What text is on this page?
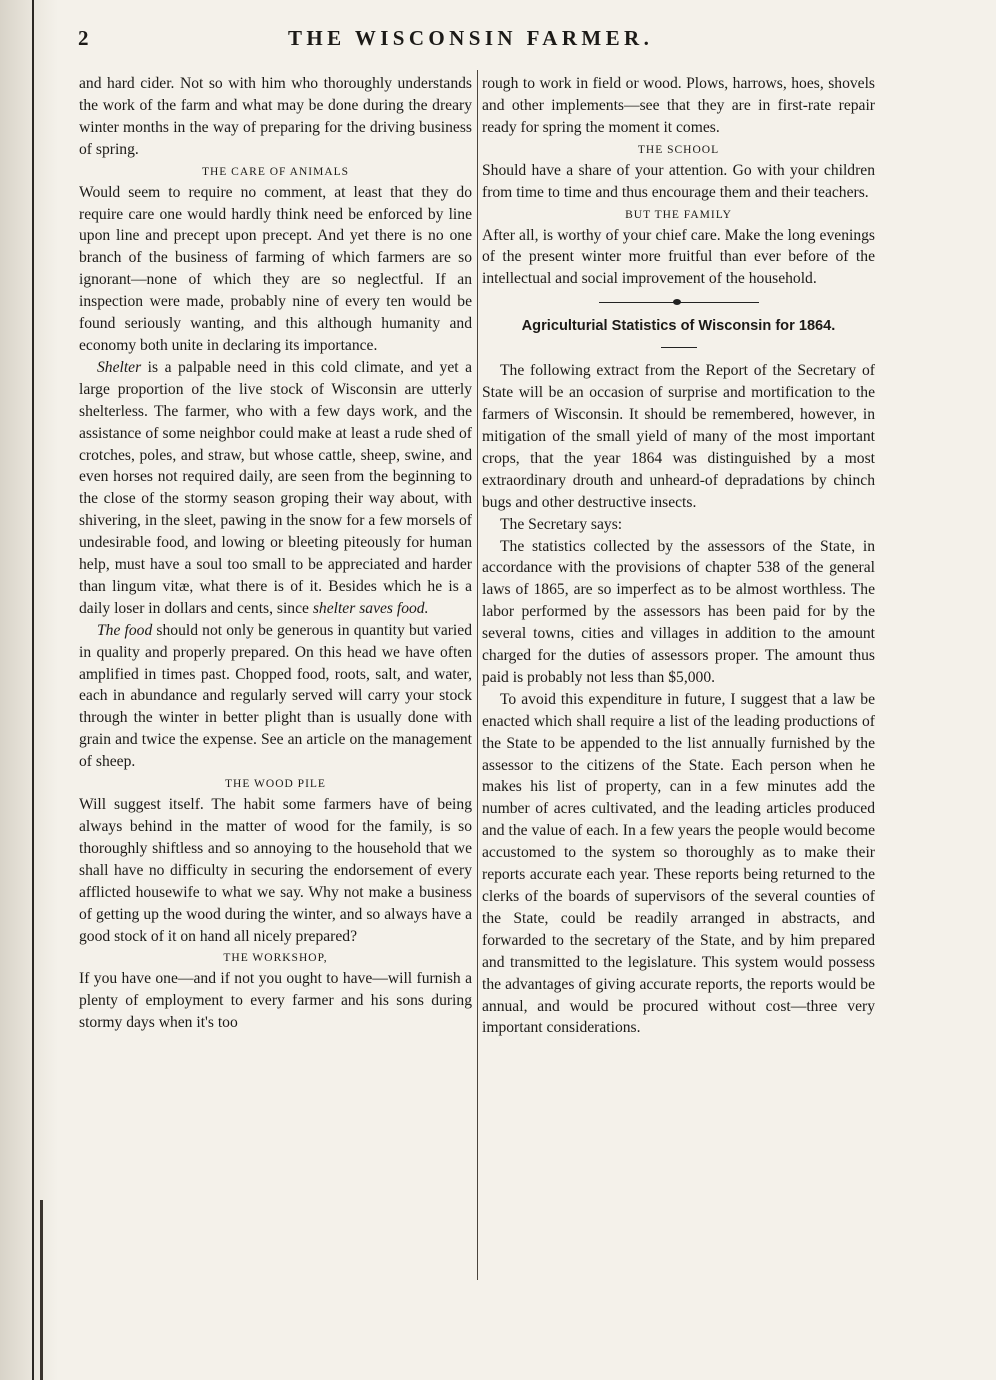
2	THE WISCONSIN FARMER.

and hard cider. Not so with him who thoroughly understands the work of the farm and what may be done during the dreary winter months in the way of preparing for the driving business of spring.

THE CARE OF ANIMALS

Would seem to require no comment, at least that they do require care one would hardly think need be enforced by line upon line and precept upon precept. And yet there is no one branch of the business of farming of which farmers are so ignorant—none of which they are so neglectful. If an inspection were made, probably nine of every ten would be found seriously wanting, and this although humanity and economy both unite in declaring its importance.

Shelter is a palpable need in this cold climate, and yet a large proportion of the live stock of Wisconsin are utterly shelterless. The farmer, who with a few days work, and the assistance of some neighbor could make at least a rude shed of crotches, poles, and straw, but whose cattle, sheep, swine, and even horses not required daily, are seen from the beginning to the close of the stormy season groping their way about, with shivering, in the sleet, pawing in the snow for a few morsels of undesirable food, and lowing or bleeting piteously for human help, must have a soul too small to be appreciated and harder than lingum vitæ, what there is of it. Besides which he is a daily loser in dollars and cents, since shelter saves food.

The food should not only be generous in quantity but varied in quality and properly prepared. On this head we have often amplified in times past. Chopped food, roots, salt, and water, each in abundance and regularly served will carry your stock through the winter in better plight than is usually done with grain and twice the expense. See an article on the management of sheep.

THE WOOD PILE

Will suggest itself. The habit some farmers have of being always behind in the matter of wood for the family, is so thoroughly shiftless and so annoying to the household that we shall have no difficulty in securing the endorsement of every afflicted housewife to what we say. Why not make a business of getting up the wood during the winter, and so always have a good stock of it on hand all nicely prepared?

THE WORKSHOP,

If you have one—and if not you ought to have—will furnish a plenty of employment to every farmer and his sons during stormy days when it's too

rough to work in field or wood. Plows, harrows, hoes, shovels and other implements—see that they are in first-rate repair ready for spring the moment it comes.

THE SCHOOL

Should have a share of your attention. Go with your children from time to time and thus encourage them and their teachers.

BUT THE FAMILY

After all, is worthy of your chief care. Make the long evenings of the present winter more fruitful than ever before of the intellectual and social improvement of the household.

Agriculturial Statistics of Wisconsin for 1864.

The following extract from the Report of the Secretary of State will be an occasion of surprise and mortification to the farmers of Wisconsin. It should be remembered, however, in mitigation of the small yield of many of the most important crops, that the year 1864 was distinguished by a most extraordinary drouth and unheard-of depradations by chinch bugs and other destructive insects.

The Secretary says:

The statistics collected by the assessors of the State, in accordance with the provisions of chapter 538 of the general laws of 1865, are so imperfect as to be almost worthless. The labor performed by the assessors has been paid for by the several towns, cities and villages in addition to the amount charged for the duties of assessors proper. The amount thus paid is probably not less than $5,000.

To avoid this expenditure in future, I suggest that a law be enacted which shall require a list of the leading productions of the State to be appended to the list annually furnished by the assessor to the citizens of the State. Each person when he makes his list of property, can in a few minutes add the number of acres cultivated, and the leading articles produced and the value of each. In a few years the people would become accustomed to the system so thoroughly as to make their reports accurate each year. These reports being returned to the clerks of the boards of supervisors of the several counties of the State, could be readily arranged in abstracts, and forwarded to the secretary of the State, and by him prepared and transmitted to the legislature. This system would possess the advantages of giving accurate reports, the reports would be annual, and would be procured without cost—three very important considerations.
